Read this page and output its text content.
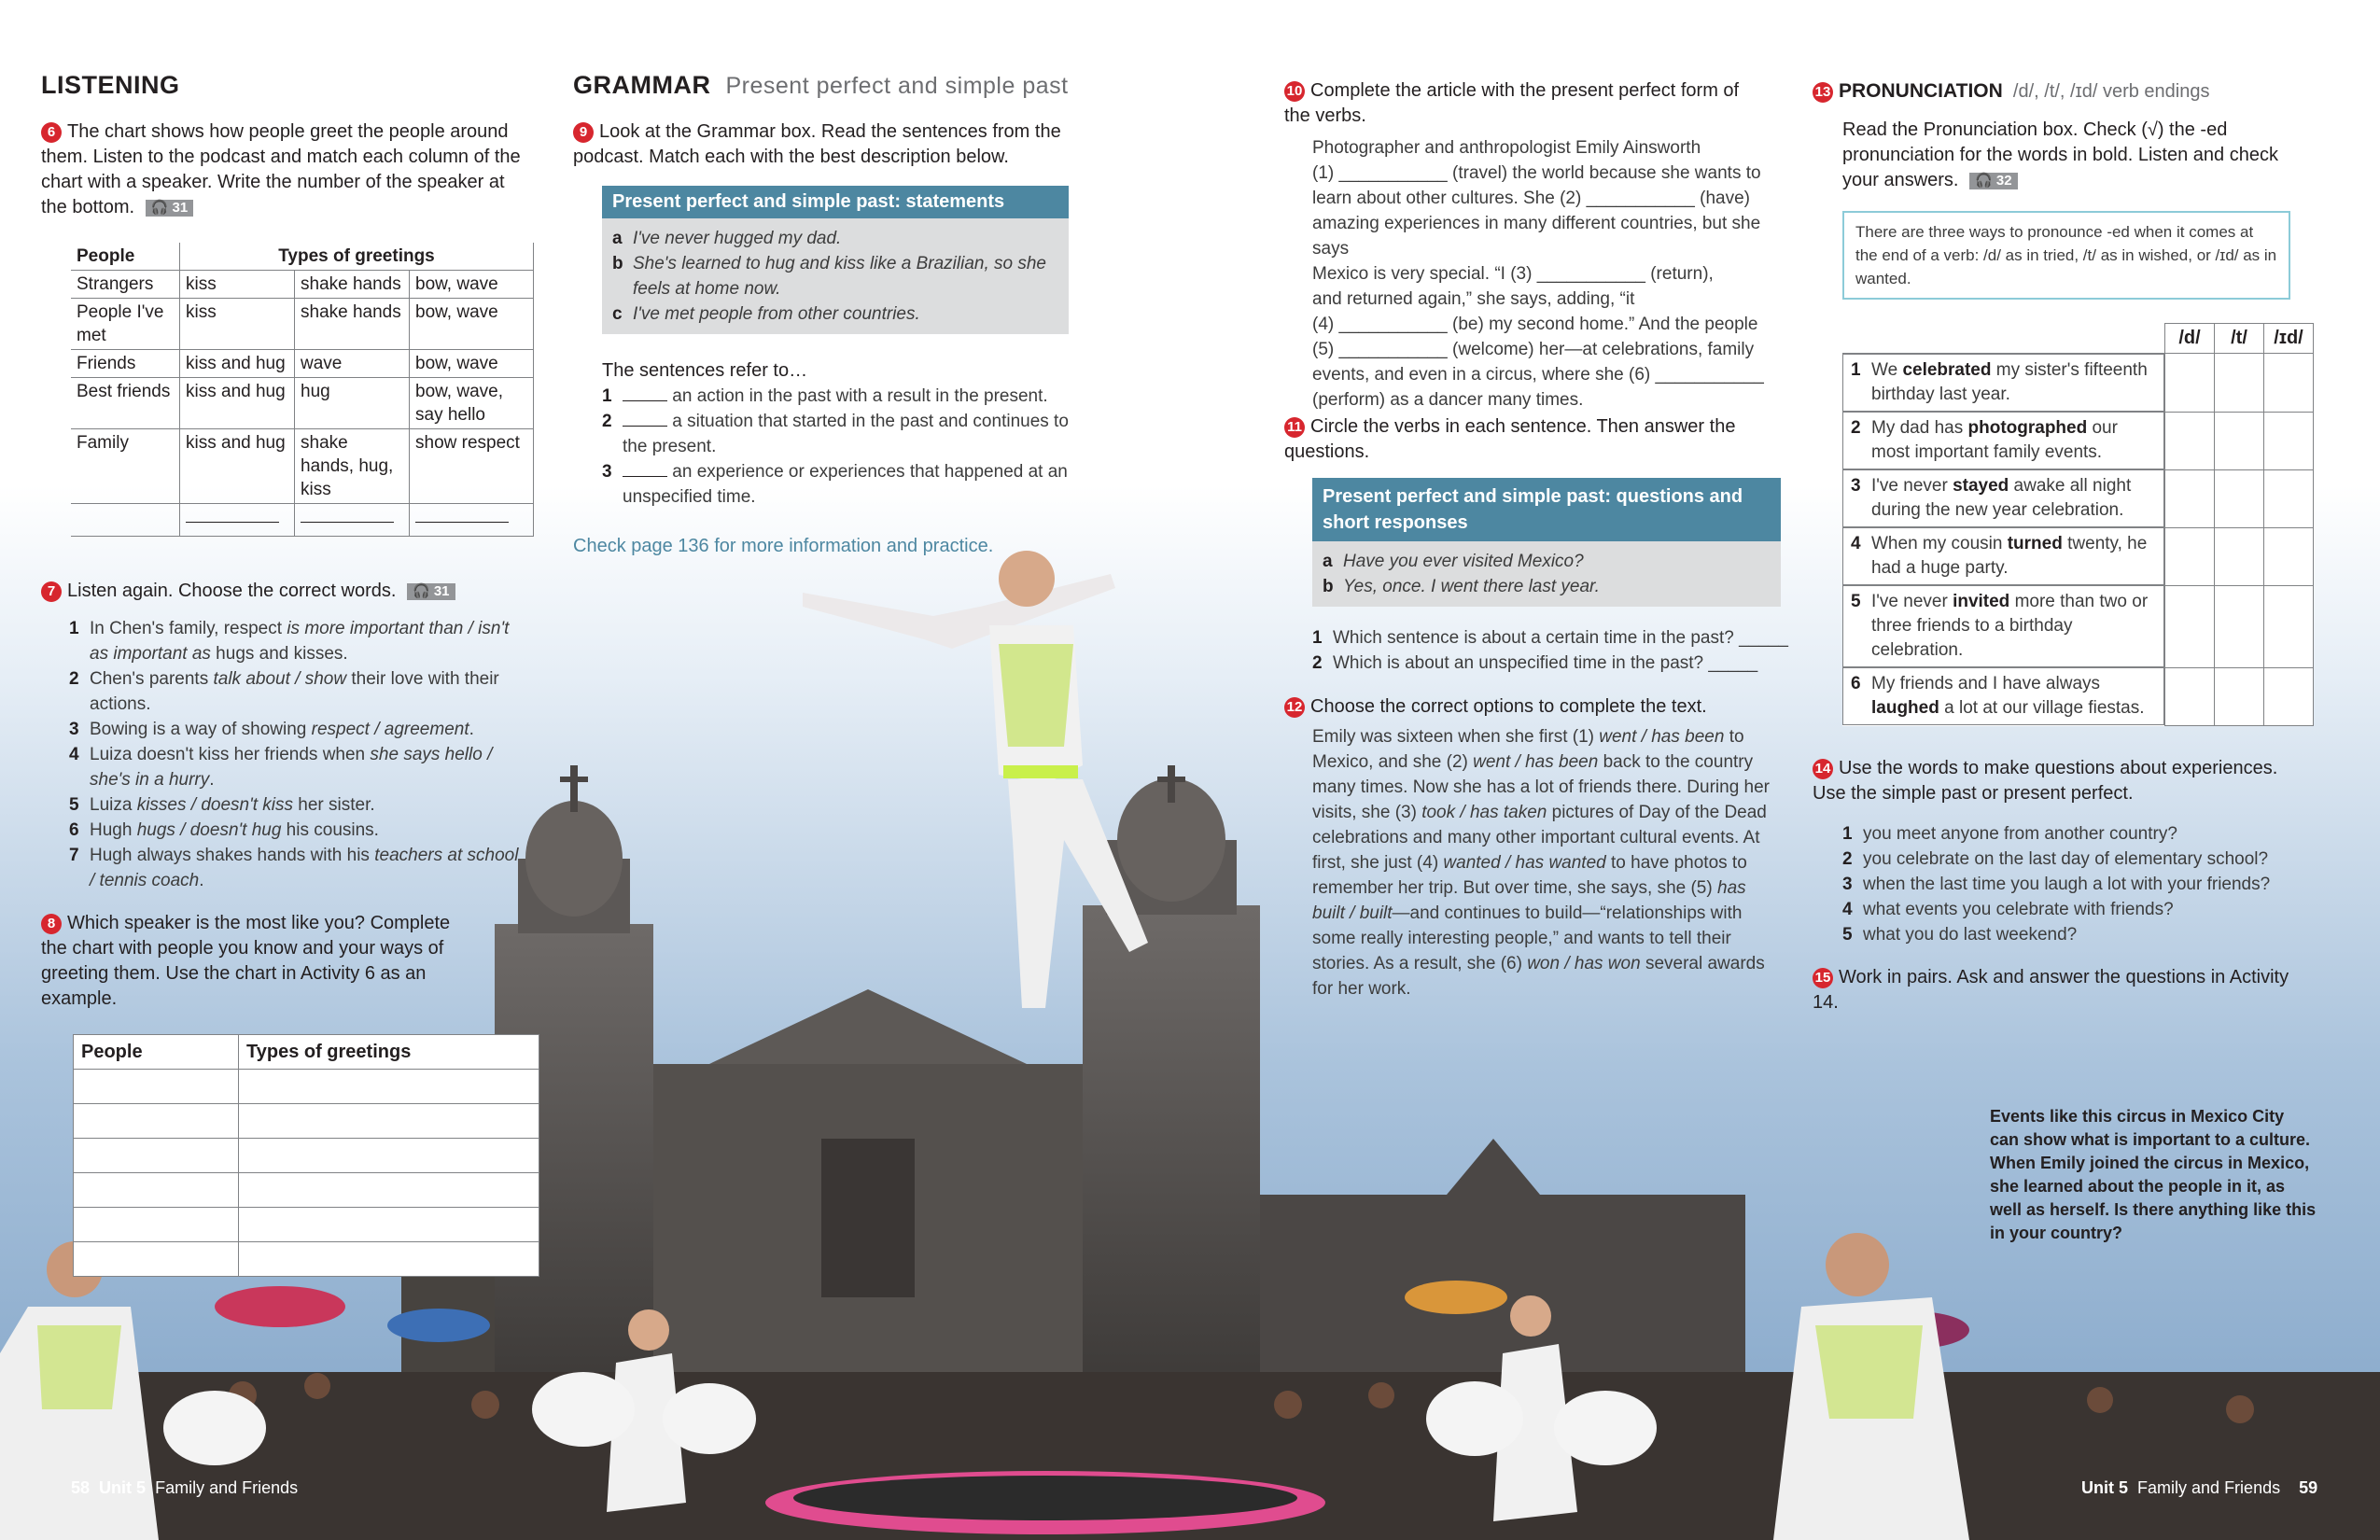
LISTENING
6 The chart shows how people greet the people around them. Listen to the podcast and match each column of the chart with a speaker. Write the number of the speaker at the bottom. 🎧 31
People	Types of greetings		
Strangers	kiss	shake hands	bow, wave
People I've met	kiss	shake hands	bow, wave
Friends	kiss and hug	wave	bow, wave
Best friends	kiss and hug	hug	bow, wave, say hello
Family	kiss and hug	shake hands, hug, kiss	show respect

7 Listen again. Choose the correct words. 🎧 31
1 In Chen's family, respect is more important than / isn't as important as hugs and kisses.
2 Chen's parents talk about / show their love with their actions.
3 Bowing is a way of showing respect / agreement.
4 Luiza doesn't kiss her friends when she says hello / she's in a hurry.
5 Luiza kisses / doesn't kiss her sister.
6 Hugh hugs / doesn't hug his cousins.
7 Hugh always shakes hands with his teachers at school / tennis coach.
8 Which speaker is the most like you? Complete the chart with people you know and your ways of greeting them. Use the chart in Activity 6 as an example.
People	Types of greetings

58 Unit 5 Family and Friends
GRAMMAR Present perfect and simple past
9 Look at the Grammar box. Read the sentences from the podcast. Match each with the best description below.
Present perfect and simple past: statements
a I've never hugged my dad.
b She's learned to hug and kiss like a Brazilian, so she feels at home now.
c I've met people from other countries.
The sentences refer to…
1	an action in the past with a result in the present.
2	a situation that started in the past and continues to the present.
3	an experience or experiences that happened at an unspecified time.
Check page 136 for more information and practice.
10 Complete the article with the present perfect form of the verbs.
Photographer and anthropologist Emily Ainsworth
(1) ___________ (travel) the world because she wants to
learn about other cultures. She (2) ___________ (have)
amazing experiences in many different countries, but she says
Mexico is very special. “I (3) ___________ (return),
and returned again,” she says, adding, “it
(4) ___________ (be) my second home.” And the people
(5) ___________ (welcome) her—at celebrations, family
events, and even in a circus, where she (6) ___________
(perform) as a dancer many times.
11 Circle the verbs in each sentence. Then answer the questions.
Present perfect and simple past: questions and short responses
a Have you ever visited Mexico?
b Yes, once. I went there last year.
1 Which sentence is about a certain time in the past? _____
2 Which is about an unspecified time in the past? _____
12 Choose the correct options to complete the text.
Emily was sixteen when she first (1) went / has been to Mexico, and she (2) went / has been back to the country many times. Now she has a lot of friends there. During her visits, she (3) took / has taken pictures of Day of the Dead celebrations and many other important cultural events. At first, she just (4) wanted / has wanted to have photos to remember her trip. But over time, she says, she (5) has built / built—and continues to build—“relationships with some really interesting people,” and wants to tell their stories. As a result, she (6) won / has won several awards for her work.
13 PRONUNCIATION /d/, /t/, /ɪd/ verb endings
Read the Pronunciation box. Check (√) the -ed pronunciation for the words in bold. Listen and check your answers. 🎧 32
There are three ways to pronounce -ed when it comes at the end of a verb: /d/ as in tried, /t/ as in wished, or /ɪd/ as in wanted.
	/d/	/t/	/ɪd/

1 We celebrated my sister's fifteenth birthday last year.

2 My dad has photographed our most important family events.

3 I've never stayed awake all night during the new year celebration.

4 When my cousin turned twenty, he had a huge party.

5 I've never invited more than two or three friends to a birthday celebration.

6 My friends and I have always laughed a lot at our village fiestas.

14 Use the words to make questions about experiences. Use the simple past or present perfect.
1 you meet anyone from another country?
2 you celebrate on the last day of elementary school?
3 when the last time you laugh a lot with your friends?
4 what events you celebrate with friends?
5 what you do last weekend?
15 Work in pairs. Ask and answer the questions in Activity 14.
Events like this circus in Mexico City can show what is important to a culture. When Emily joined the circus in Mexico, she learned about the people in it, as well as herself. Is there anything like this in your country?
Unit 5 Family and Friends 59
